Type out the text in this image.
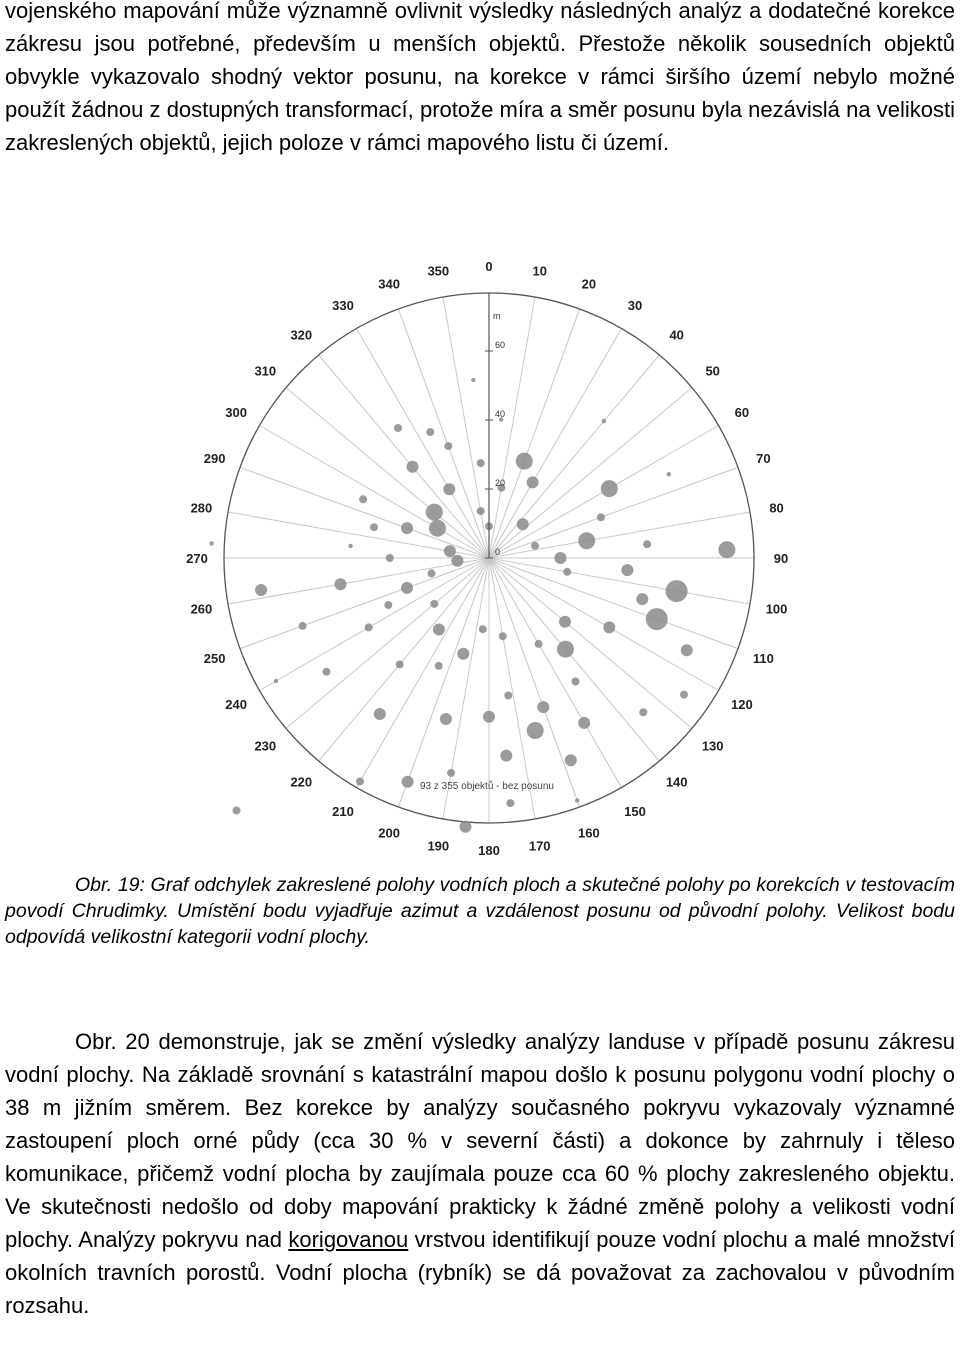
vojenského mapování může významně ovlivnit výsledky následných analýz a dodatečné korekce zákresu jsou potřebné, především u menších objektů. Přestože několik sousedních objektů obvykle vykazovalo shodný vektor posunu, na korekce v rámci širšího území nebylo možné použít žádnou z dostupných transformací, protože míra a směr posunu byla nezávislá na velikosti zakreslených objektů, jejich poloze v rámci mapového listu či území.

0
20
40
60
0	10
20
30
40
50
60
70
80
90
100
110
120
130
140
150
160
170
180
190
200
210
220
230
240
250
260
270
280
290
300
310
320
330
340
350
m
93 z 355 objektů - bez posunu

Obr. 19: Graf odchylek zakreslené polohy vodních ploch a skutečné polohy po korekcích v testovacím povodí Chrudimky. Umístění bodu vyjadřuje azimut a vzdálenost posunu od původní polohy. Velikost bodu odpovídá velikostní kategorii vodní plochy.

Obr. 20 demonstruje, jak se změní výsledky analýzy landuse v případě posunu zákresu vodní plochy. Na základě srovnání s katastrální mapou došlo k posunu polygonu vodní plochy o 38 m jižním směrem. Bez korekce by analýzy současného pokryvu vykazovaly významné zastoupení ploch orné půdy (cca 30 % v severní části) a dokonce by zahrnuly i těleso komunikace, přičemž vodní plocha by zaujímala pouze cca 60 % plochy zakresleného objektu. Ve skutečnosti nedošlo od doby mapování prakticky k žádné změně polohy a velikosti vodní plochy. Analýzy pokryvu nad korigovanou vrstvou identifikují pouze vodní plochu a malé množství okolních travních porostů. Vodní plocha (rybník) se dá považovat za zachovalou v původním rozsahu.
